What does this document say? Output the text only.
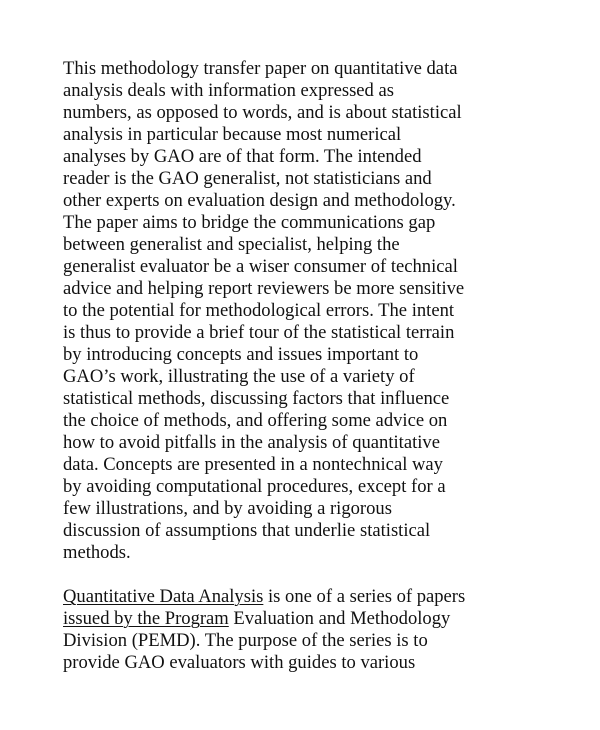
This methodology transfer paper on quantitative data
analysis deals with information expressed as
numbers, as opposed to words, and is about statistical
analysis in particular because most numerical
analyses by GAO are of that form. The intended
reader is the GAO generalist, not statisticians and
other experts on evaluation design and methodology.
The paper aims to bridge the communications gap
between generalist and specialist, helping the
generalist evaluator be a wiser consumer of technical
advice and helping report reviewers be more sensitive
to the potential for methodological errors. The intent
is thus to provide a brief tour of the statistical terrain
by introducing concepts and issues important to
GAO’s work, illustrating the use of a variety of
statistical methods, discussing factors that influence
the choice of methods, and offering some advice on
how to avoid pitfalls in the analysis of quantitative
data. Concepts are presented in a nontechnical way
by avoiding computational procedures, except for a
few illustrations, and by avoiding a rigorous
discussion of assumptions that underlie statistical
methods.
Quantitative Data Analysis is one of a series of papers
issued by the Program Evaluation and Methodology
Division (PEMD). The purpose of the series is to
provide GAO evaluators with guides to various
